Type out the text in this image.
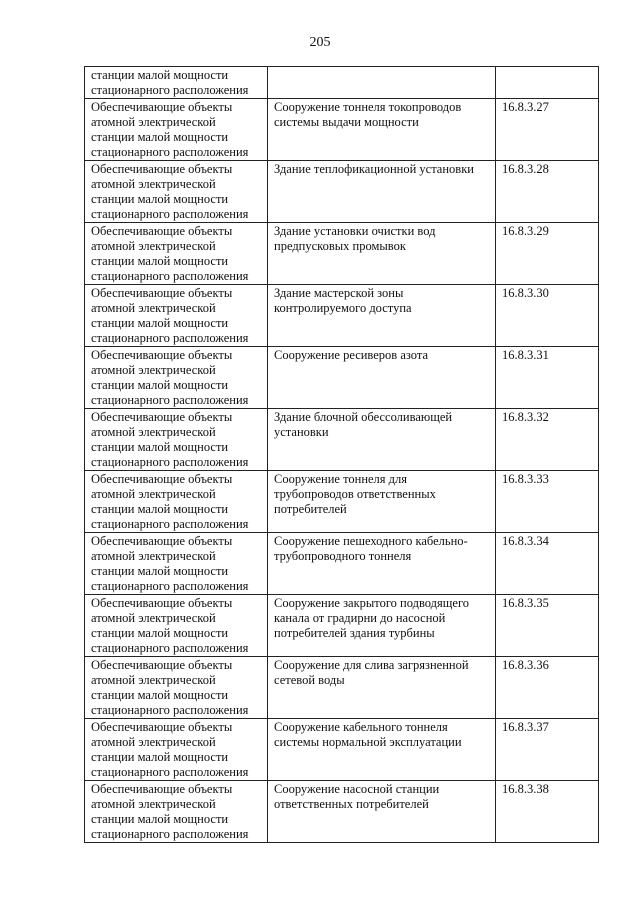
205
станции малой мощности
стационарного расположения		

Обеспечивающие объекты
атомной электрической
станции малой мощности
стационарного расположения	Сооружение тоннеля токопроводов
системы выдачи мощности	16.8.3.27

Обеспечивающие объекты
атомной электрической
станции малой мощности
стационарного расположения	Здание теплофикационной установки	16.8.3.28

Обеспечивающие объекты
атомной электрической
станции малой мощности
стационарного расположения	Здание установки очистки вод
предпусковых промывок	16.8.3.29

Обеспечивающие объекты
атомной электрической
станции малой мощности
стационарного расположения	Здание мастерской зоны
контролируемого доступа	16.8.3.30

Обеспечивающие объекты
атомной электрической
станции малой мощности
стационарного расположения	Сооружение ресиверов азота	16.8.3.31

Обеспечивающие объекты
атомной электрической
станции малой мощности
стационарного расположения	Здание блочной обессоливающей
установки	16.8.3.32

Обеспечивающие объекты
атомной электрической
станции малой мощности
стационарного расположения	Сооружение тоннеля для
трубопроводов ответственных
потребителей	16.8.3.33

Обеспечивающие объекты
атомной электрической
станции малой мощности
стационарного расположения	Сооружение пешеходного кабельно-
трубопроводного тоннеля	16.8.3.34

Обеспечивающие объекты
атомной электрической
станции малой мощности
стационарного расположения	Сооружение закрытого подводящего
канала от градирни до насосной
потребителей здания турбины	16.8.3.35

Обеспечивающие объекты
атомной электрической
станции малой мощности
стационарного расположения	Сооружение для слива загрязненной
сетевой воды	16.8.3.36

Обеспечивающие объекты
атомной электрической
станции малой мощности
стационарного расположения	Сооружение кабельного тоннеля
системы нормальной эксплуатации	16.8.3.37

Обеспечивающие объекты
атомной электрической
станции малой мощности
стационарного расположения	Сооружение насосной станции
ответственных потребителей	16.8.3.38
